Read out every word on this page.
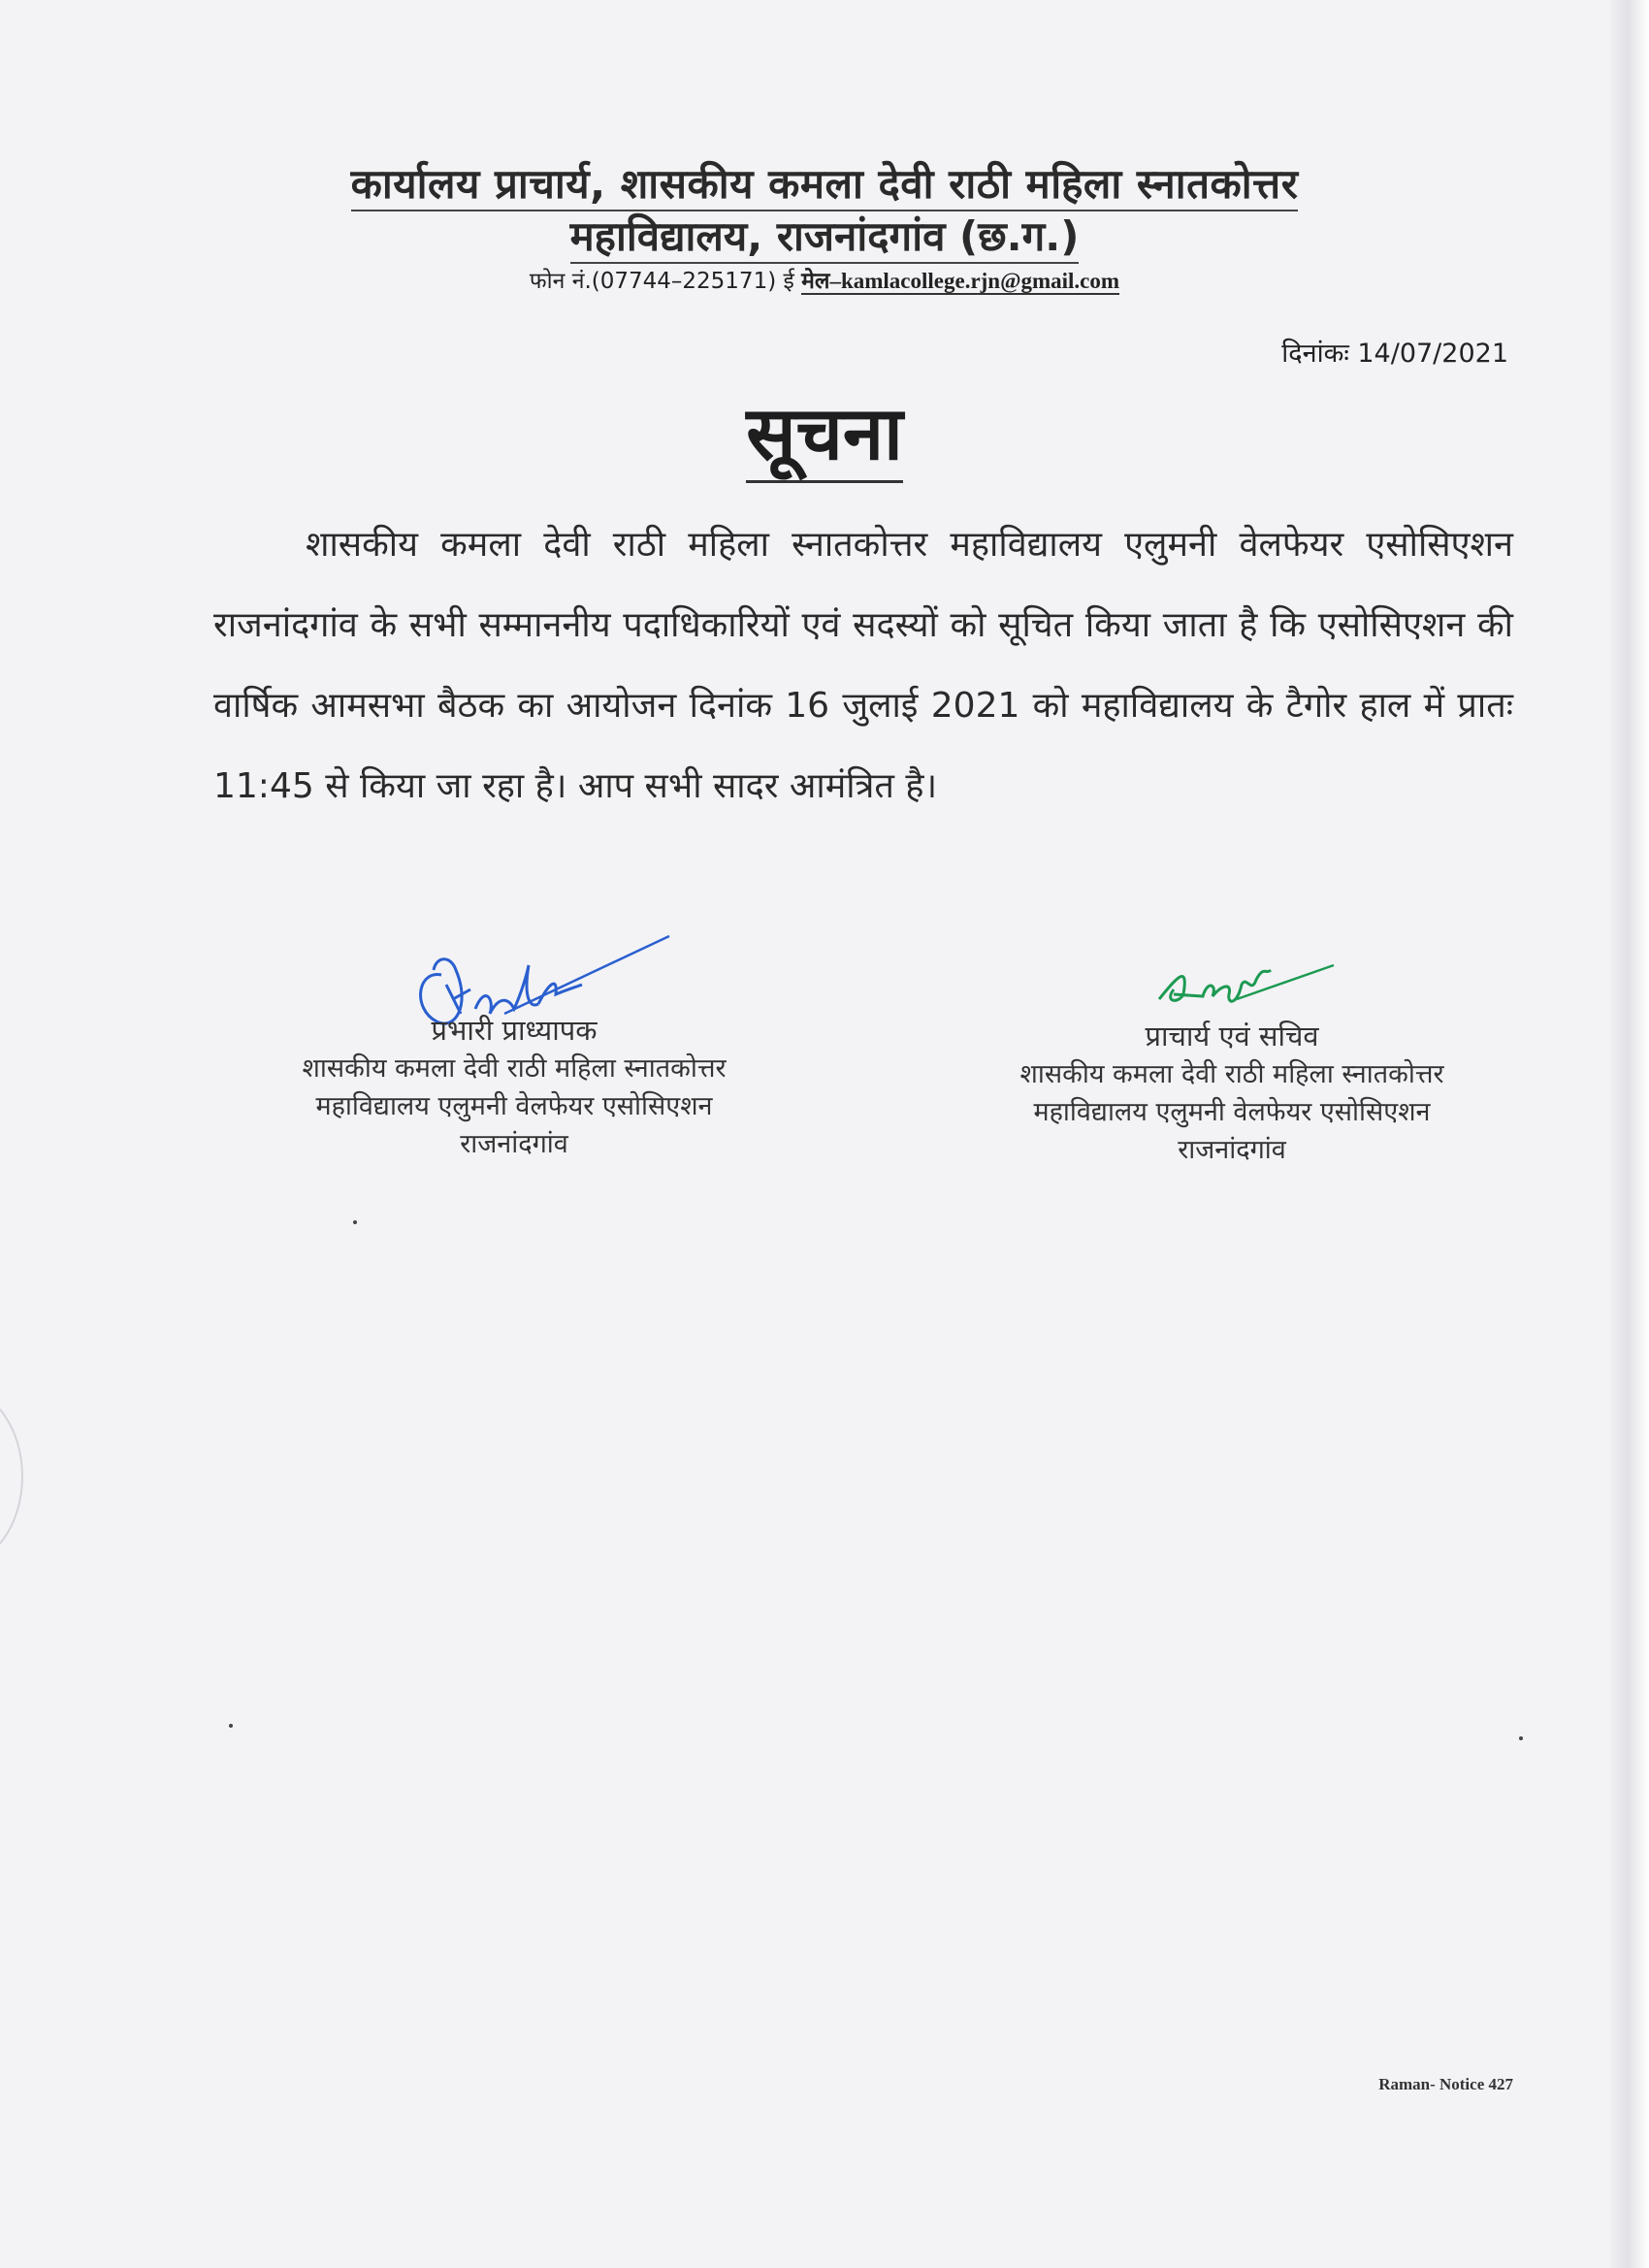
कार्यालय प्राचार्य, शासकीय कमला देवी राठी महिला स्नातकोत्तर
महाविद्यालय, राजनांदगांव (छ.ग.)
फोन नं.(07744–225171) ई मेल–kamlacollege.rjn@gmail.com
दिनांकः 14/07/2021
सूचना
शासकीय कमला देवी राठी महिला स्नातकोत्तर महाविद्यालय एलुमनी वेलफेयर एसोसिएशन राजनांदगांव के सभी सम्माननीय पदाधिकारियों एवं सदस्यों को सूचित किया जाता है कि एसोसिएशन की वार्षिक आमसभा बैठक का आयोजन दिनांक 16 जुलाई 2021 को महाविद्यालय के टैगोर हाल में प्रातः 11:45 से किया जा रहा है। आप सभी सादर आमंत्रित है।
प्रभारी प्राध्यापक
शासकीय कमला देवी राठी महिला स्नातकोत्तर
महाविद्यालय एलुमनी वेलफेयर एसोसिएशन
राजनांदगांव
प्राचार्य एवं सचिव
शासकीय कमला देवी राठी महिला स्नातकोत्तर
महाविद्यालय एलुमनी वेलफेयर एसोसिएशन
राजनांदगांव
Raman- Notice 427
